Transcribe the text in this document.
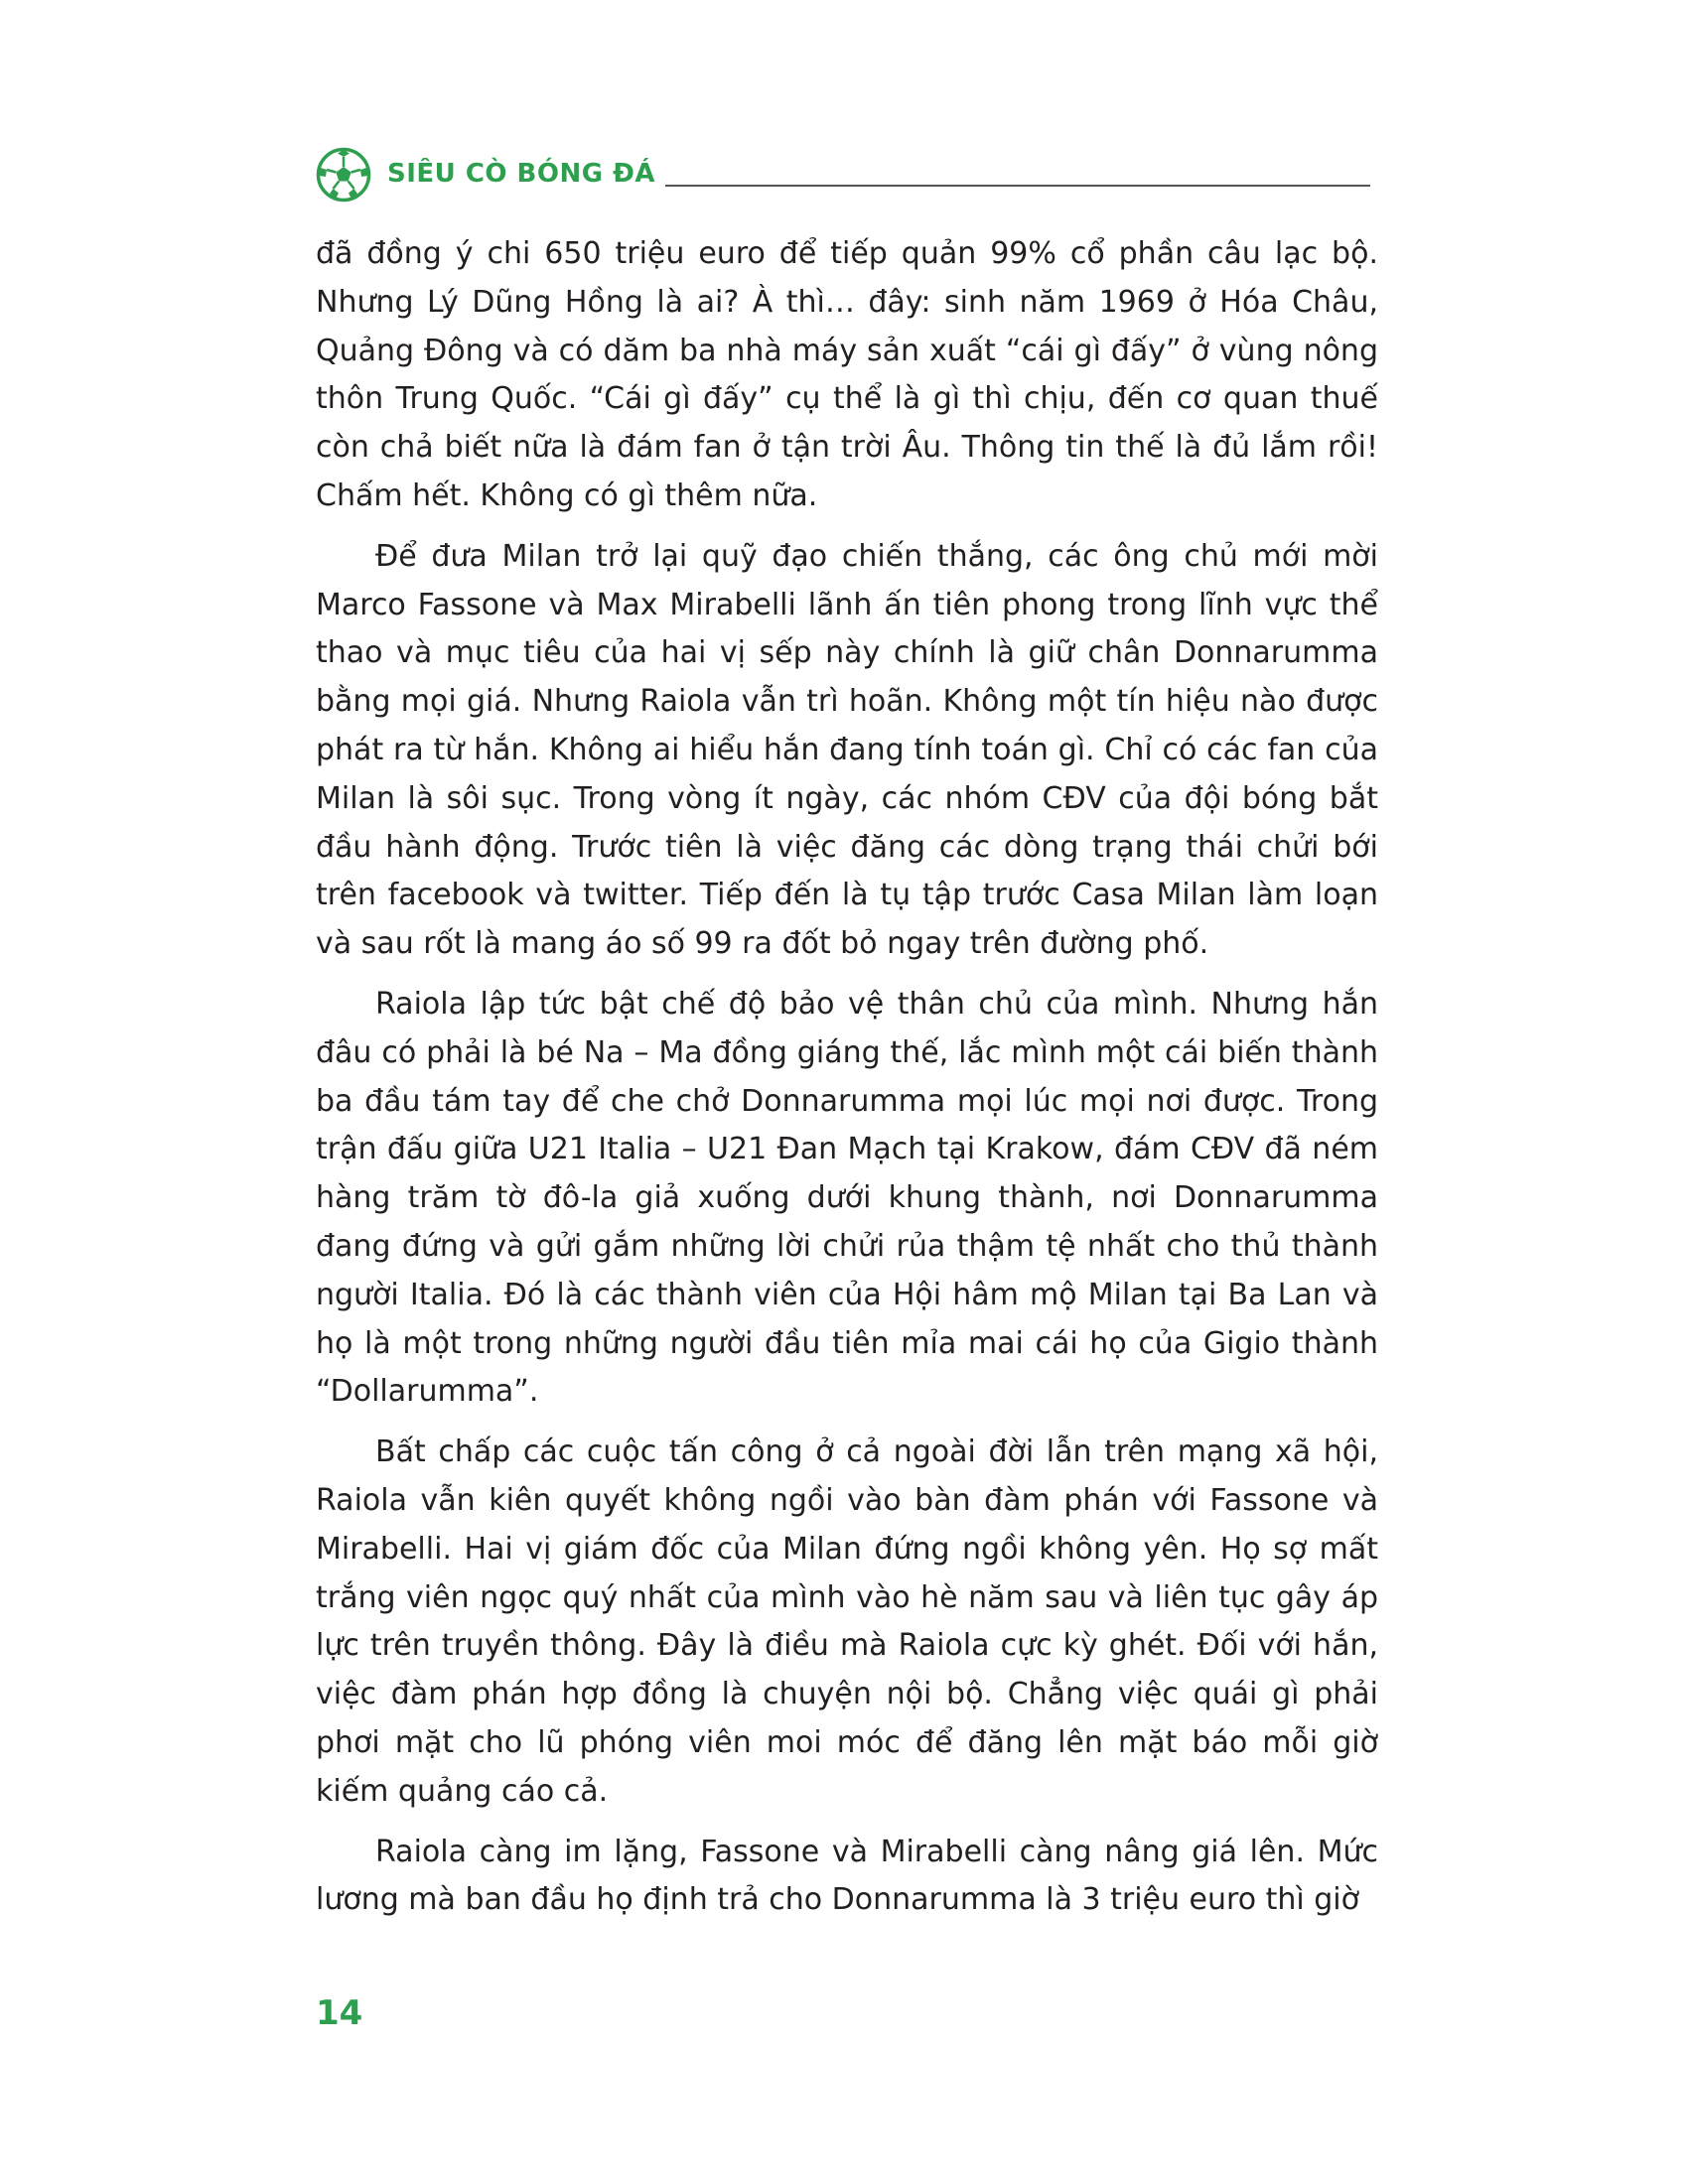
SIÊU CÒ BÓNG ĐÁ

đã đồng ý chi 650 triệu euro để tiếp quản 99% cổ phần câu lạc bộ. Nhưng Lý Dũng Hồng là ai? À thì… đây: sinh năm 1969 ở Hóa Châu, Quảng Đông và có dăm ba nhà máy sản xuất “cái gì đấy” ở vùng nông thôn Trung Quốc. “Cái gì đấy” cụ thể là gì thì chịu, đến cơ quan thuế còn chả biết nữa là đám fan ở tận trời Âu. Thông tin thế là đủ lắm rồi! Chấm hết. Không có gì thêm nữa.

Để đưa Milan trở lại quỹ đạo chiến thắng, các ông chủ mới mời Marco Fassone và Max Mirabelli lãnh ấn tiên phong trong lĩnh vực thể thao và mục tiêu của hai vị sếp này chính là giữ chân Donnarumma bằng mọi giá. Nhưng Raiola vẫn trì hoãn. Không một tín hiệu nào được phát ra từ hắn. Không ai hiểu hắn đang tính toán gì. Chỉ có các fan của Milan là sôi sục. Trong vòng ít ngày, các nhóm CĐV của đội bóng bắt đầu hành động. Trước tiên là việc đăng các dòng trạng thái chửi bới trên facebook và twitter. Tiếp đến là tụ tập trước Casa Milan làm loạn và sau rốt là mang áo số 99 ra đốt bỏ ngay trên đường phố.

Raiola lập tức bật chế độ bảo vệ thân chủ của mình. Nhưng hắn đâu có phải là bé Na – Ma đồng giáng thế, lắc mình một cái biến thành ba đầu tám tay để che chở Donnarumma mọi lúc mọi nơi được. Trong trận đấu giữa U21 Italia – U21 Đan Mạch tại Krakow, đám CĐV đã ném hàng trăm tờ đô-la giả xuống dưới khung thành, nơi Donnarumma đang đứng và gửi gắm những lời chửi rủa thậm tệ nhất cho thủ thành người Italia. Đó là các thành viên của Hội hâm mộ Milan tại Ba Lan và họ là một trong những người đầu tiên mỉa mai cái họ của Gigio thành “Dollarumma”.

Bất chấp các cuộc tấn công ở cả ngoài đời lẫn trên mạng xã hội, Raiola vẫn kiên quyết không ngồi vào bàn đàm phán với Fassone và Mirabelli. Hai vị giám đốc của Milan đứng ngồi không yên. Họ sợ mất trắng viên ngọc quý nhất của mình vào hè năm sau và liên tục gây áp lực trên truyền thông. Đây là điều mà Raiola cực kỳ ghét. Đối với hắn, việc đàm phán hợp đồng là chuyện nội bộ. Chẳng việc quái gì phải phơi mặt cho lũ phóng viên moi móc để đăng lên mặt báo mỗi giờ kiếm quảng cáo cả.

Raiola càng im lặng, Fassone và Mirabelli càng nâng giá lên. Mức lương mà ban đầu họ định trả cho Donnarumma là 3 triệu euro thì giờ

14
